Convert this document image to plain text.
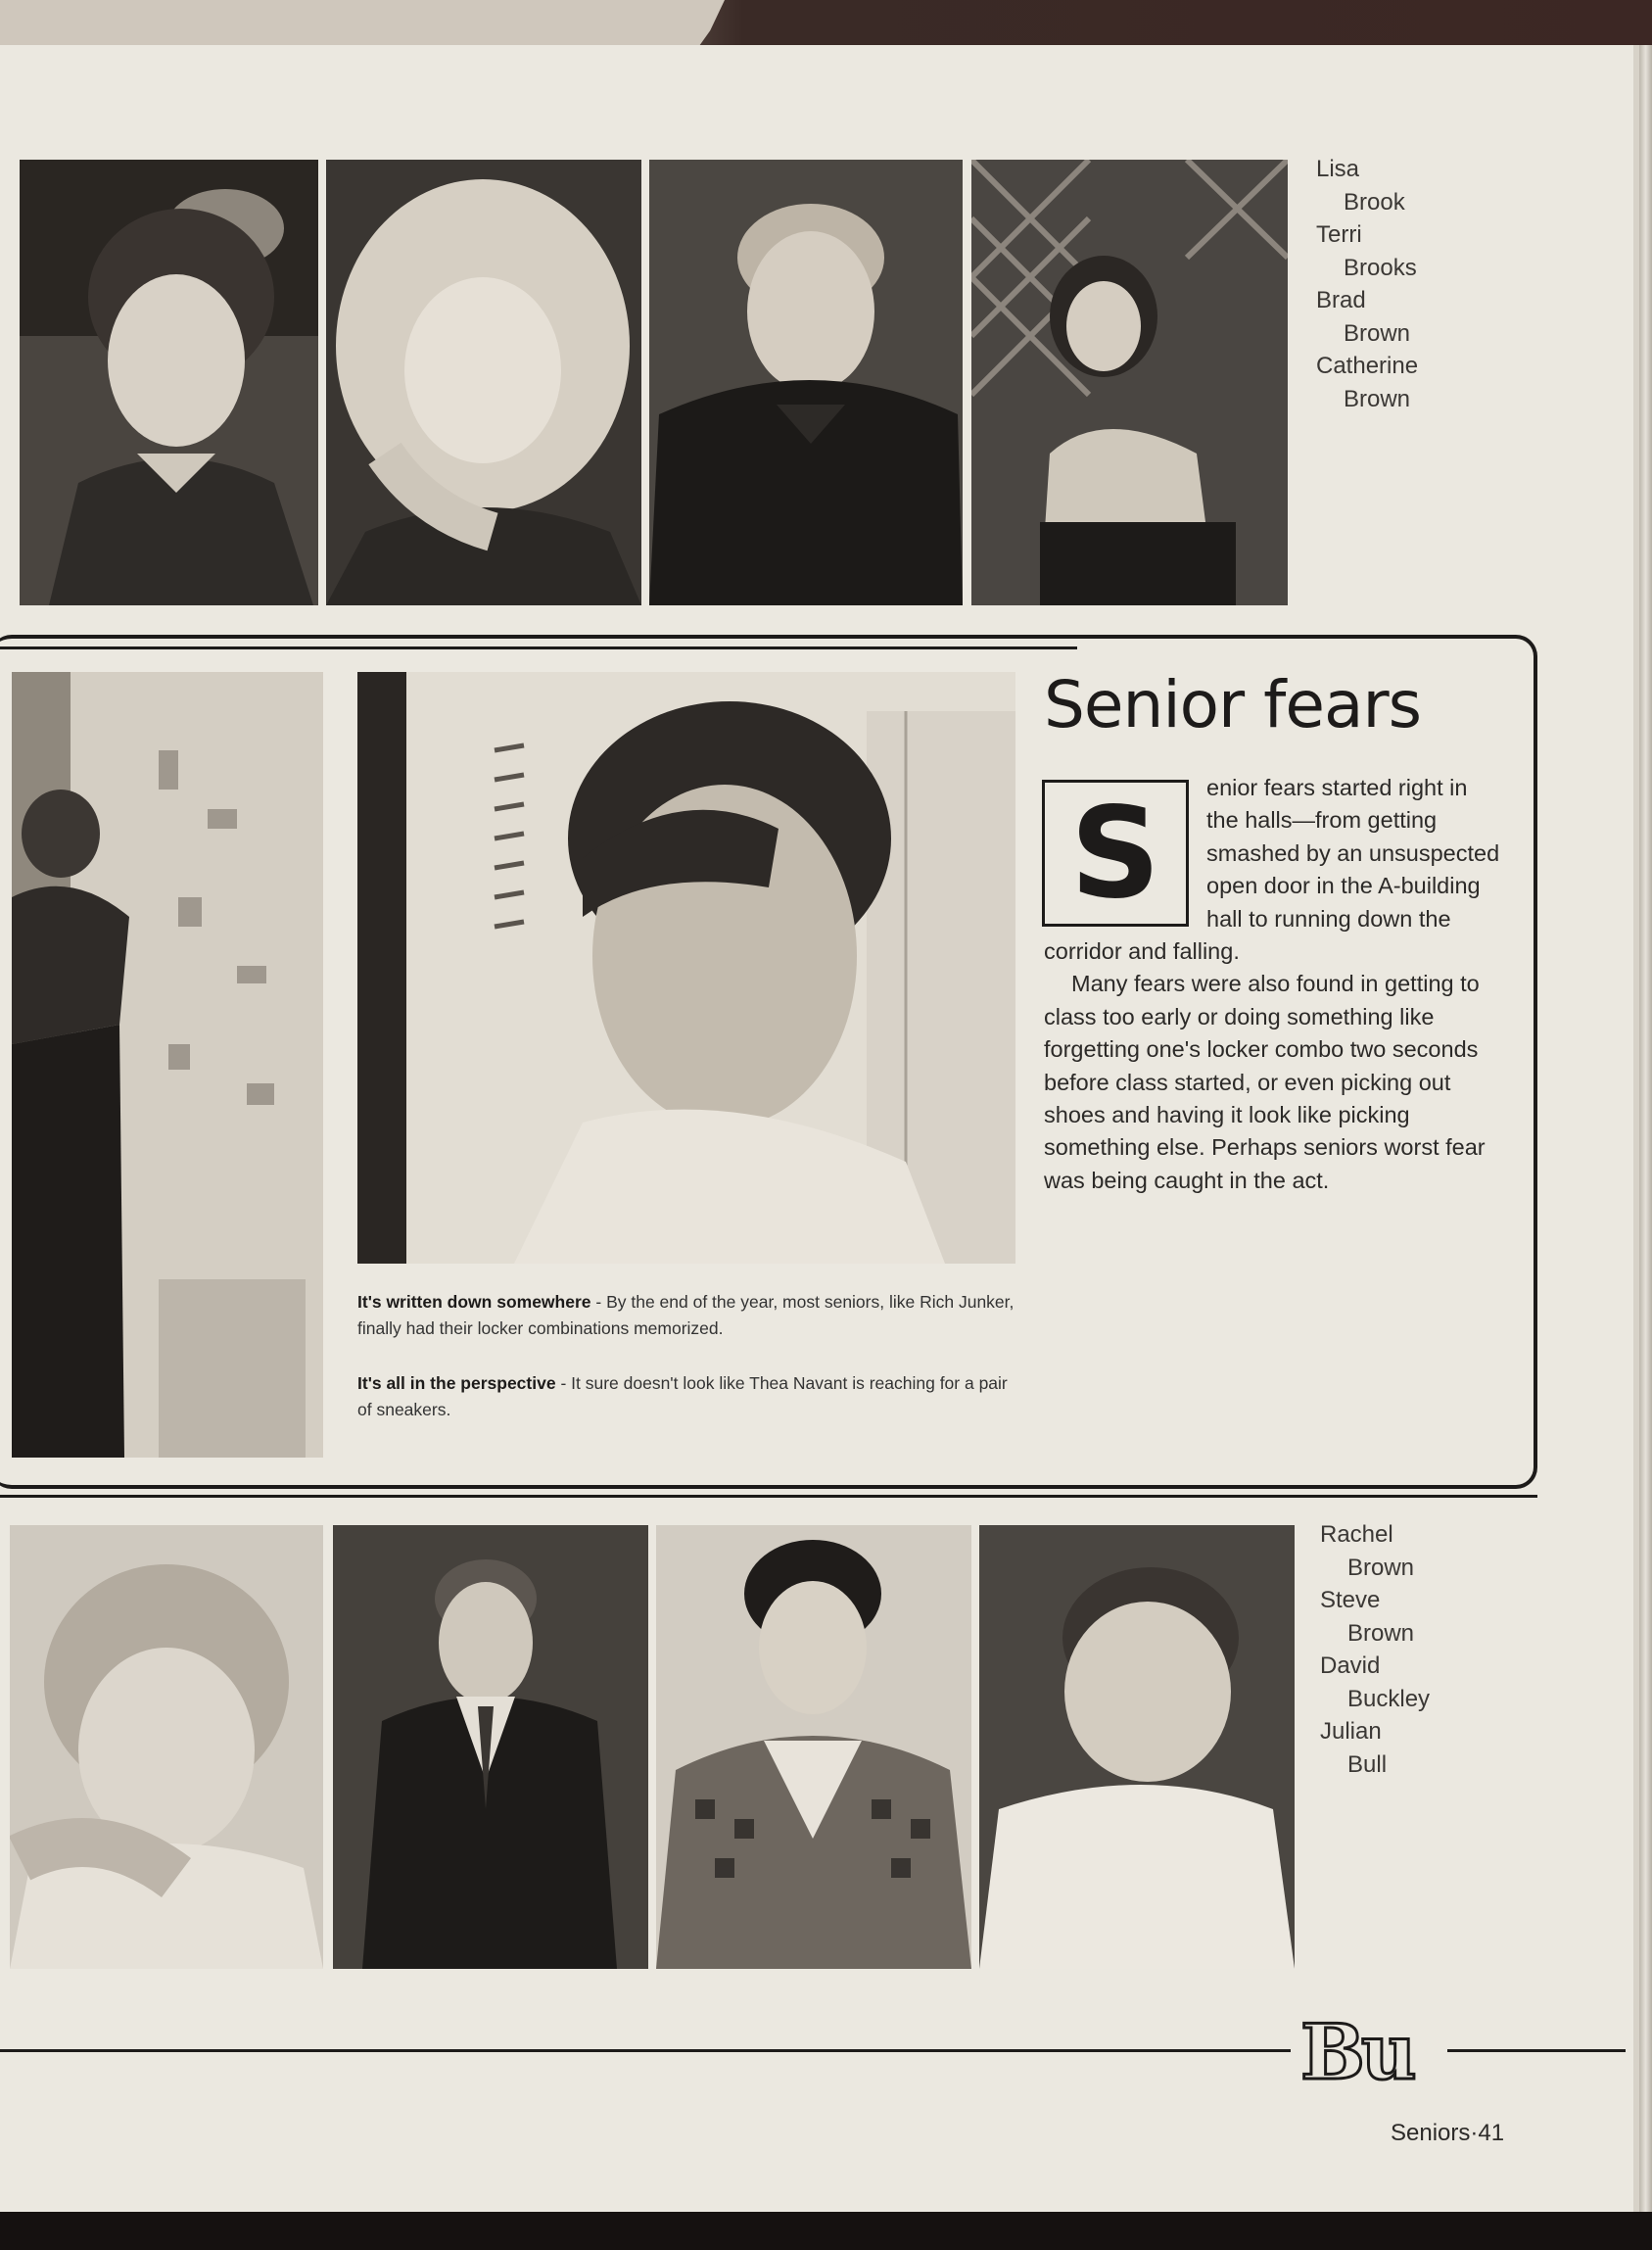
Lisa
Brook
Terri
Brooks
Brad
Brown
Catherine
Brown
It's written down somewhere - By the end of the year, most seniors, like Rich Junker, finally had their locker combinations memorized.
It's all in the perspective - It sure doesn't look like Thea Navant is reaching for a pair of sneakers.
Senior fears

enior fears started right in the halls—from getting smashed by an unsuspected open door in the A-building hall to running down the corridor and falling.

Many fears were also found in getting to class too early or doing something like forgetting one's locker combo two seconds before class started, or even picking out shoes and having it look like picking something else. Perhaps seniors worst fear was being caught in the act.

S
Rachel
Brown
Steve
Brown
David
Buckley
Julian
Bull
Bu
Seniors·41
